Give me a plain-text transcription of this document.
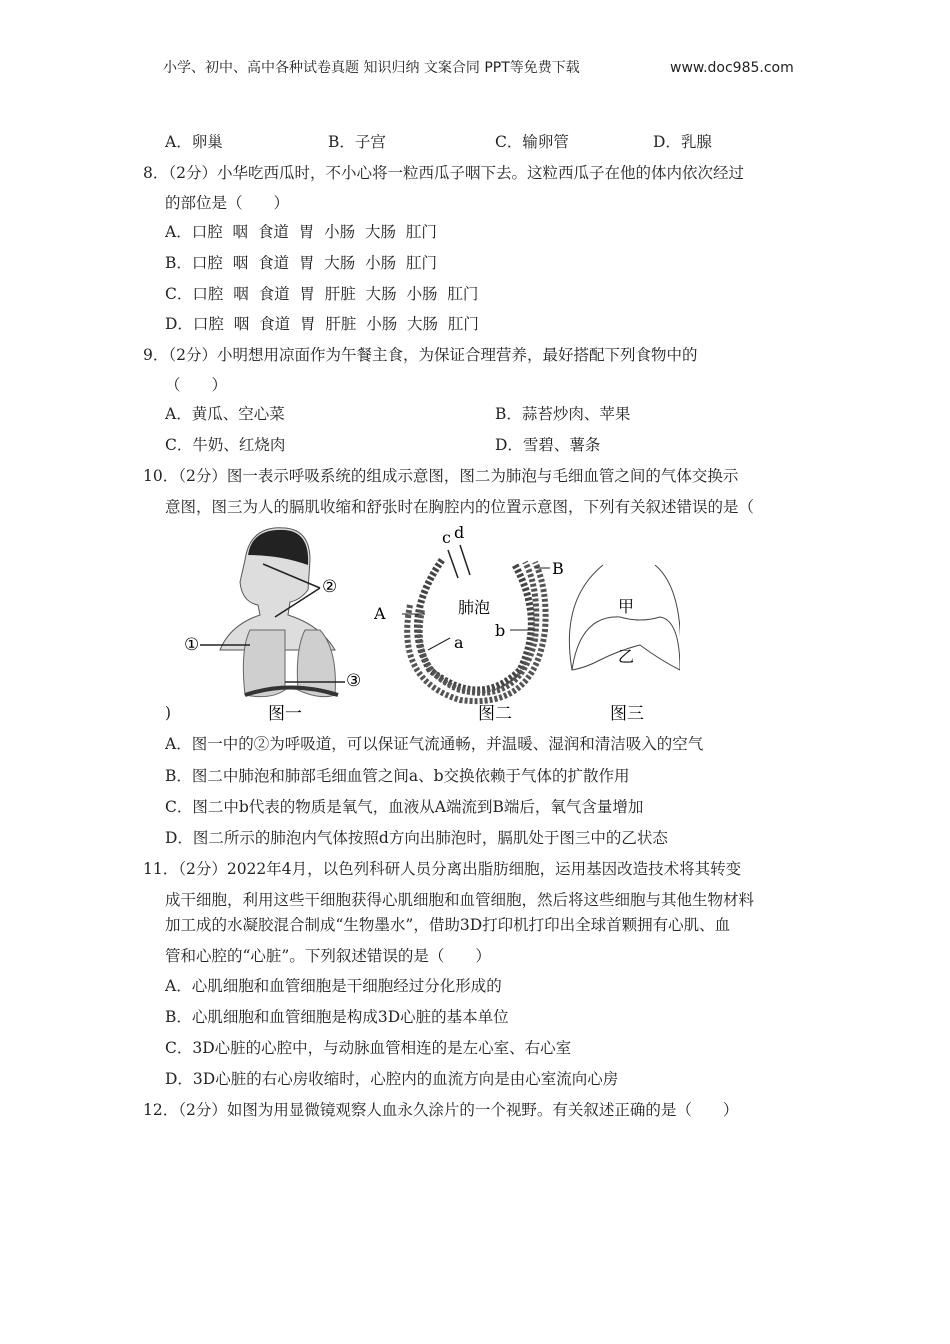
小学、初中、高中各种试卷真题 知识归纳 文案合同 PPT等免费下载	www.doc985.com
A．卵巢	B．子宫	C．输卵管	D．乳腺
8．（2分）小华吃西瓜时，不小心将一粒西瓜子咽下去。这粒西瓜子在他的体内依次经过
的部位是（　　）
A．口腔  咽  食道  胃  小肠  大肠  肛门
B．口腔  咽  食道  胃  大肠  小肠  肛门
C．口腔  咽  食道  胃  肝脏  大肠  小肠  肛门
D．口腔  咽  食道  胃  肝脏  小肠  大肠  肛门
9．（2分）小明想用凉面作为午餐主食，为保证合理营养，最好搭配下列食物中的
（　　）
A．黄瓜、空心菜	B．蒜苔炒肉、苹果
C．牛奶、红烧肉	D．雪碧、薯条
10．（2分）图一表示呼吸系统的组成示意图，图二为肺泡与毛细血管之间的气体交换示
意图，图三为人的膈肌收缩和舒张时在胸腔内的位置示意图，下列有关叙述错误的是（
)
②
①
③
图一
c d
A
B
a
b
肺泡
图二
甲
乙
图三
A．图一中的②为呼吸道，可以保证气流通畅，并温暖、湿润和清洁吸入的空气
B．图二中肺泡和肺部毛细血管之间a、b交换依赖于气体的扩散作用
C．图二中b代表的物质是氧气，血液从A端流到B端后，氧气含量增加
D．图二所示的肺泡内气体按照d方向出肺泡时，膈肌处于图三中的乙状态
11．（2分）2022年4月，以色列科研人员分离出脂肪细胞，运用基因改造技术将其转变
成干细胞，利用这些干细胞获得心肌细胞和血管细胞，然后将这些细胞与其他生物材料
加工成的水凝胶混合制成“生物墨水”，借助3D打印机打印出全球首颗拥有心肌、血
管和心腔的“心脏”。下列叙述错误的是（　　）
A．心肌细胞和血管细胞是干细胞经过分化形成的
B．心肌细胞和血管细胞是构成3D心脏的基本单位
C．3D心脏的心腔中，与动脉血管相连的是左心室、右心室
D．3D心脏的右心房收缩时，心腔内的血流方向是由心室流向心房
12．（2分）如图为用显微镜观察人血永久涂片的一个视野。有关叙述正确的是（　　）
